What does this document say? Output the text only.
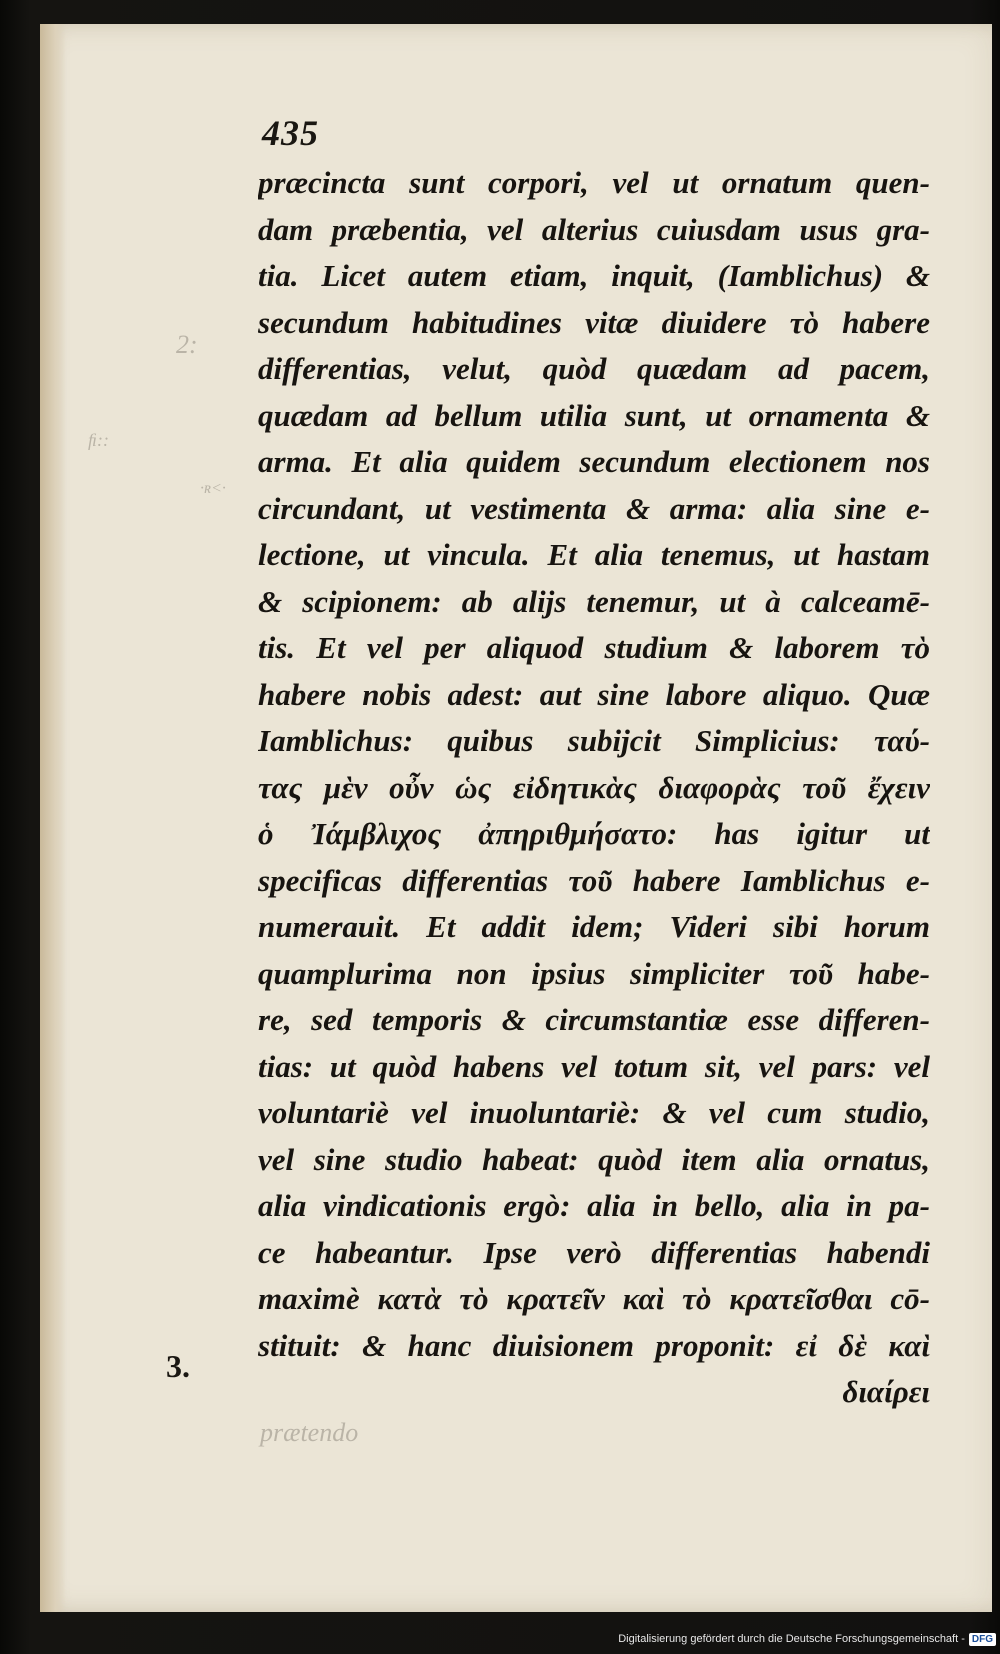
2:
ﬁ::
·ʀ<·
prætendo
435
præcincta sunt corpori, vel ut ornatum quen-
dam præbentia, vel alterius cuiusdam usus gra-
tia. Licet autem etiam, inquit, (Iamblichus) &
secundum habitudines vitæ diuidere τὸ habere
differentias, velut, quòd quædam ad pacem,
quædam ad bellum utilia sunt, ut ornamenta &
arma. Et alia quidem secundum electionem nos
circundant, ut vestimenta & arma: alia sine e-
lectione, ut vincula. Et alia tenemus, ut hastam
& scipionem: ab alijs tenemur, ut à calceamē-
tis. Et vel per aliquod studium & laborem τὸ
habere nobis adest: aut sine labore aliquo. Quæ
Iamblichus: quibus subijcit Simplicius: ταύ-
τας μὲν οὖν ὡς εἰδητικὰς διαφορὰς τοῦ ἔχειν
ὁ Ἰάμβλιχος ἀπηριθμήσατο: has igitur ut
specificas differentias τοῦ habere Iamblichus e-
numerauit. Et addit idem; Videri sibi horum
quamplurima non ipsius simpliciter τοῦ habe-
re, sed temporis & circumstantiæ esse differen-
tias: ut quòd habens vel totum sit, vel pars: vel
voluntariè vel inuoluntariè: & vel cum studio,
vel sine studio habeat: quòd item alia ornatus,
alia vindicationis ergò: alia in bello, alia in pa-
ce habeantur. Ipse verò differentias habendi
maximè κατὰ τὸ κρατεῖν καὶ τὸ κρατεῖσθαι cō-
stituit: & hanc diuisionem proponit: εἰ δὲ καὶ
διαίρει
3.
Digitalisierung gefördert durch die Deutsche Forschungsgemeinschaft - DFG
